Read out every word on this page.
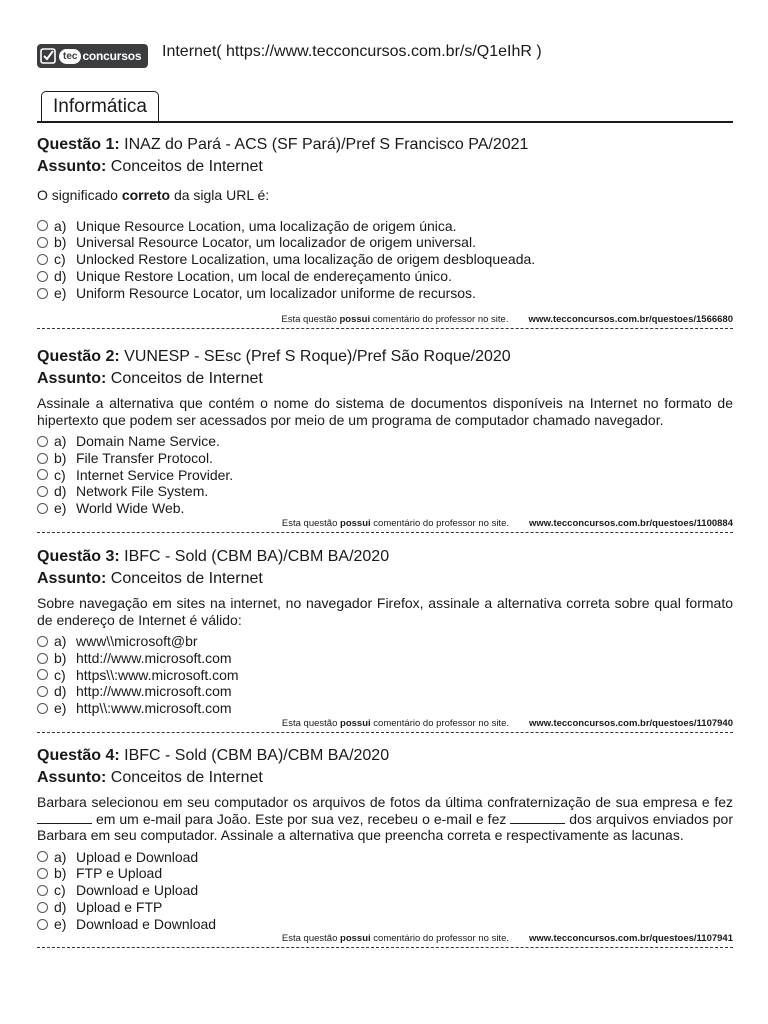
tec concursos Internet( https://www.tecconcursos.com.br/s/Q1eIhR )
Informática
Questão 1: INAZ do Pará - ACS (SF Pará)/Pref S Francisco PA/2021
Assunto: Conceitos de Internet
O significado correto da sigla URL é:
a) Unique Resource Location, uma localização de origem única.
b) Universal Resource Locator, um localizador de origem universal.
c) Unlocked Restore Localization, uma localização de origem desbloqueada.
d) Unique Restore Location, um local de endereçamento único.
e) Uniform Resource Locator, um localizador uniforme de recursos.
Esta questão possui comentário do professor no site. www.tecconcursos.com.br/questoes/1566680
Questão 2: VUNESP - SEsc (Pref S Roque)/Pref São Roque/2020
Assunto: Conceitos de Internet
Assinale a alternativa que contém o nome do sistema de documentos disponíveis na Internet no formato de hipertexto que podem ser acessados por meio de um programa de computador chamado navegador.
a) Domain Name Service.
b) File Transfer Protocol.
c) Internet Service Provider.
d) Network File System.
e) World Wide Web.
Esta questão possui comentário do professor no site. www.tecconcursos.com.br/questoes/1100884
Questão 3: IBFC - Sold (CBM BA)/CBM BA/2020
Assunto: Conceitos de Internet
Sobre navegação em sites na internet, no navegador Firefox, assinale a alternativa correta sobre qual formato de endereço de Internet é válido:
a) www\\microsoft@br
b) httd://www.microsoft.com
c) https\\:www.microsoft.com
d) http://www.microsoft.com
e) http\\:www.microsoft.com
Esta questão possui comentário do professor no site. www.tecconcursos.com.br/questoes/1107940
Questão 4: IBFC - Sold (CBM BA)/CBM BA/2020
Assunto: Conceitos de Internet
Barbara selecionou em seu computador os arquivos de fotos da última confraternização de sua empresa e fez  em um e-mail para João. Este por sua vez, recebeu o e-mail e fez	dos arquivos enviados por Barbara em seu computador. Assinale a alternativa que preencha correta e respectivamente as lacunas.
a) Upload e Download
b) FTP e Upload
c) Download e Upload
d) Upload e FTP
e) Download e Download
Esta questão possui comentário do professor no site. www.tecconcursos.com.br/questoes/1107941
